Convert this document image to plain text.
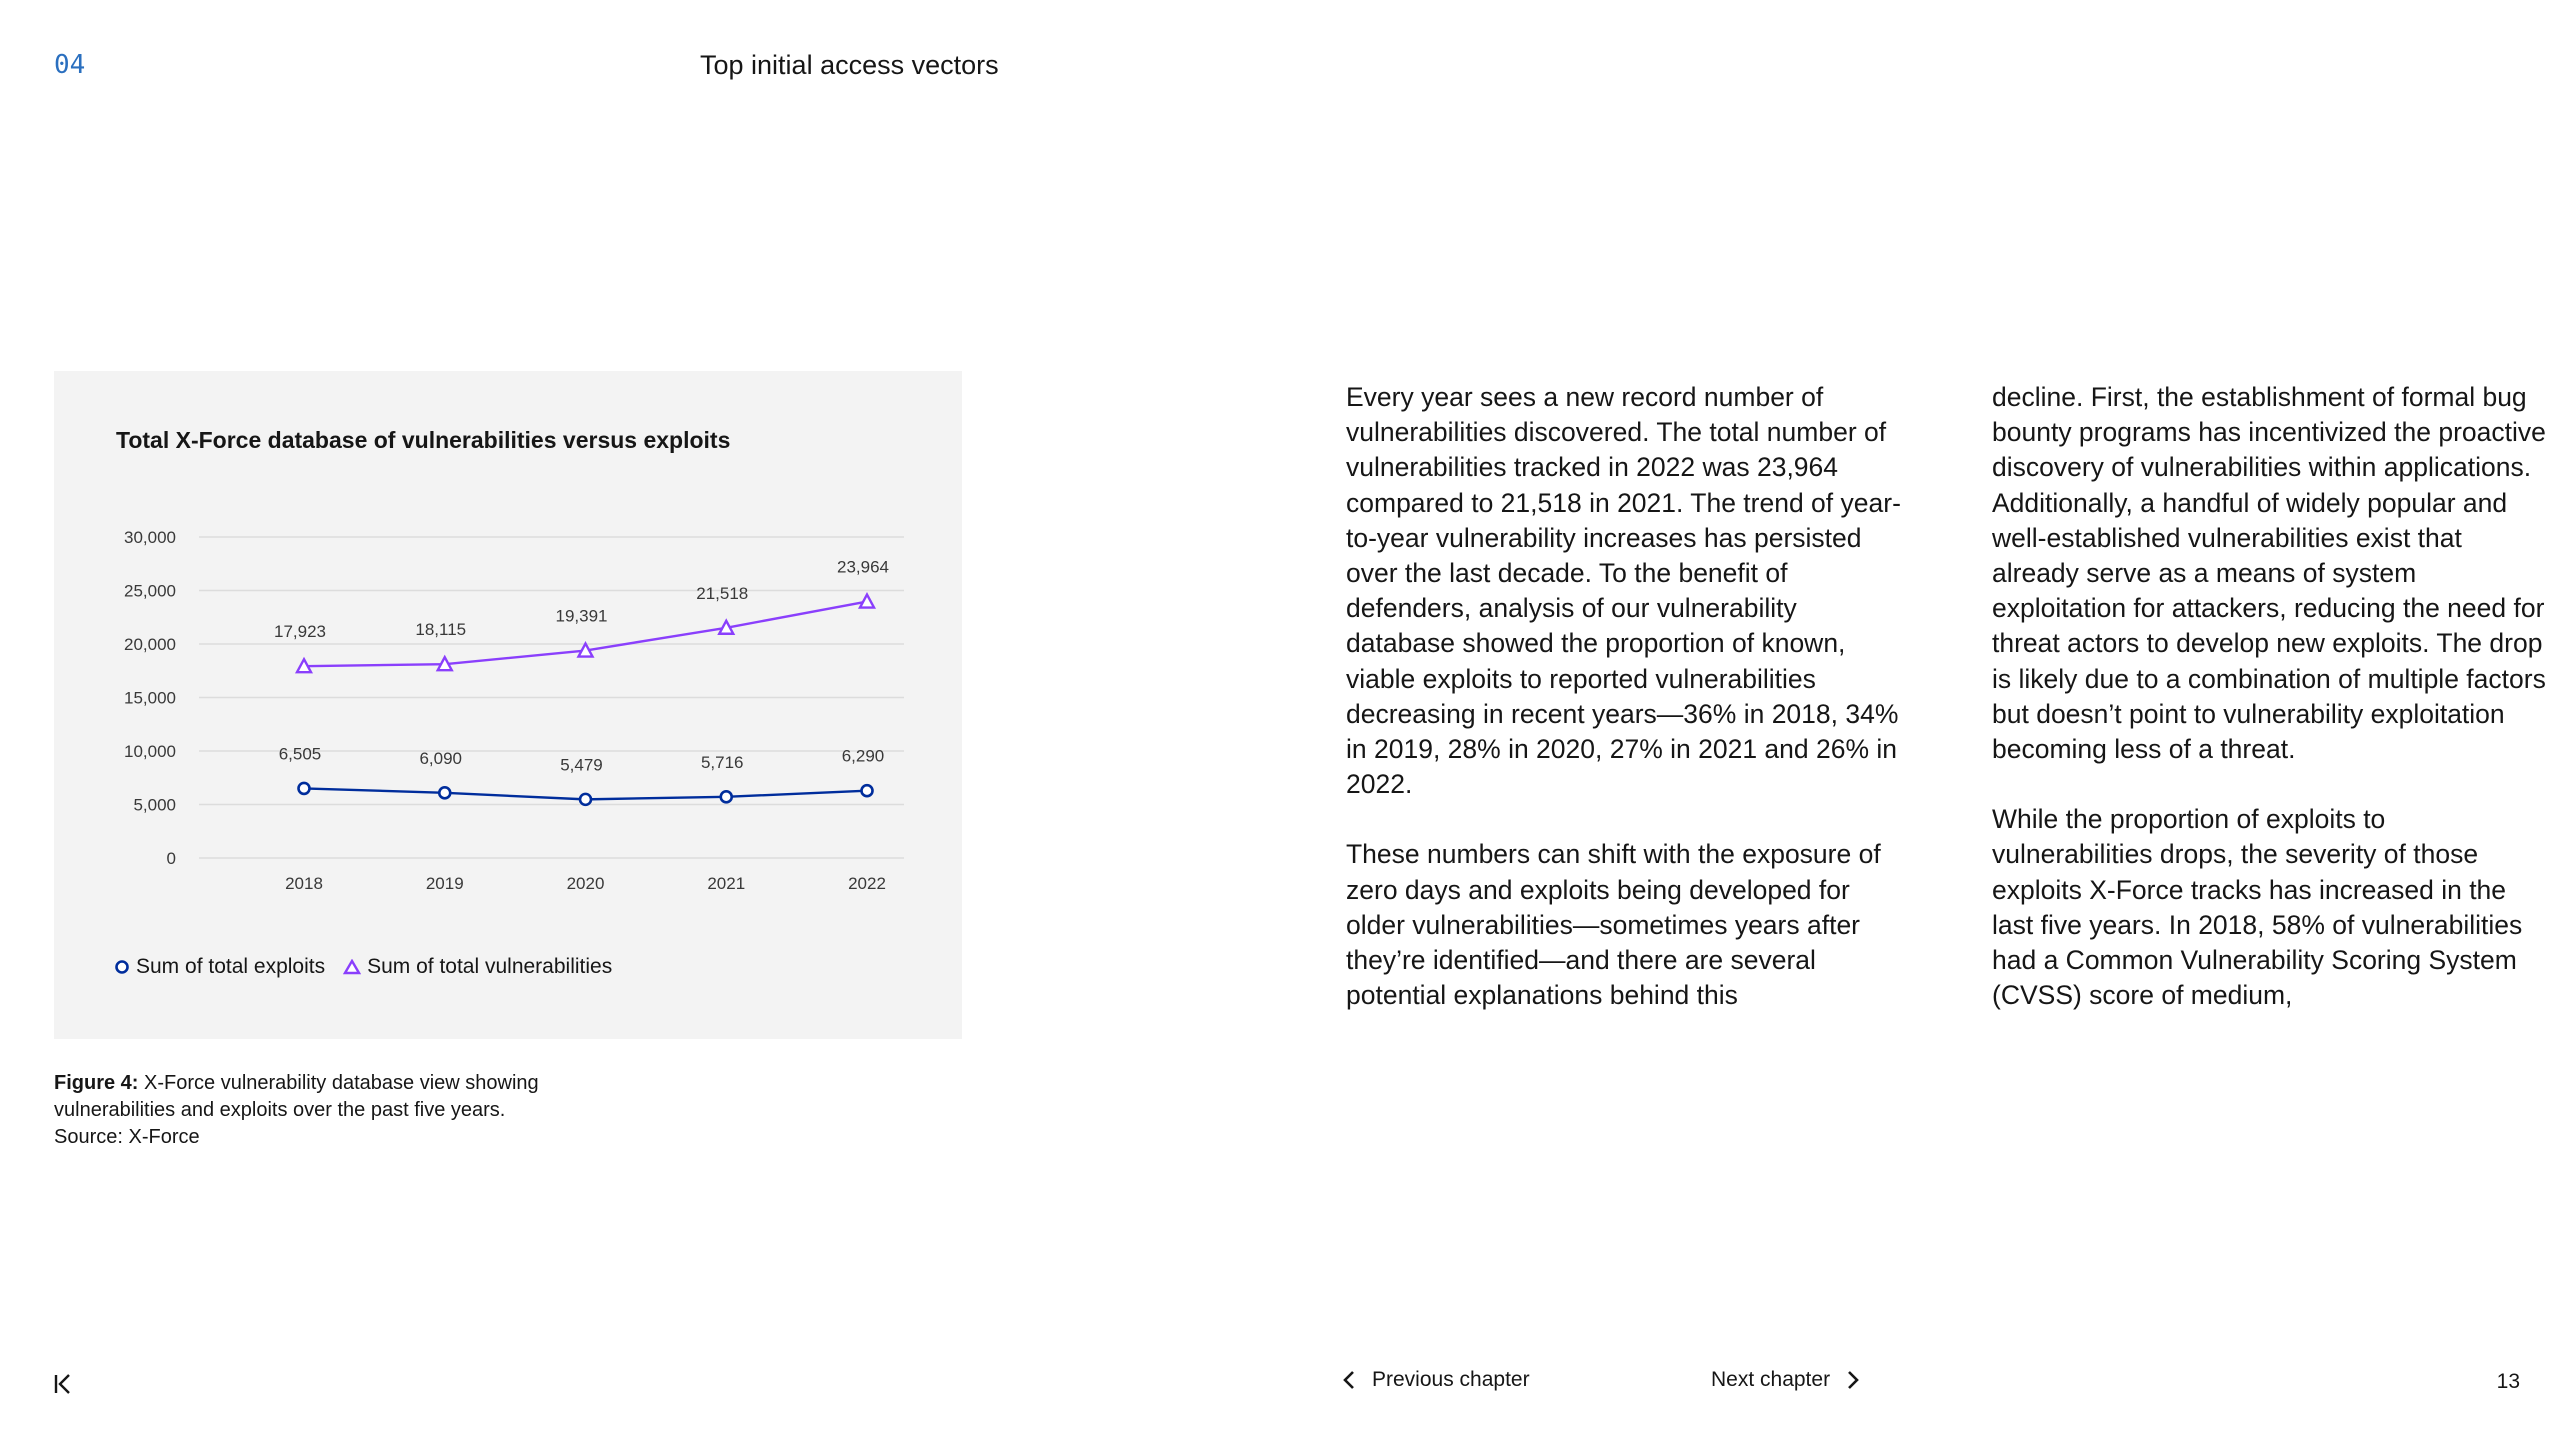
04	Top initial access vectors
Total X-Force database of vulnerabilities versus exploits
30,000
25,000
20,000
15,000
10,000
5,000
0
2018	2019	2020	2021	2022
17,923	18,115
19,391
21,518
23,964
6,505	6,090	5,479	5,716	6,290
Sum of total exploits Sum of total vulnerabilities
Figure 4: X-Force vulnerability database view showing vulnerabilities and exploits over the past five years.
Source: X-Force

Every year sees a new record number of vulnerabilities discovered. The total number of vulnerabilities tracked in 2022 was 23,964 compared to 21,518 in 2021. The trend of year-to-year vulnerability increases has persisted over the last decade. To the benefit of defenders, analysis of our vulnerability database showed the proportion of known, viable exploits to reported vulnerabilities decreasing in recent years—36% in 2018, 34% in 2019, 28% in 2020, 27% in 2021 and 26% in 2022.

These numbers can shift with the exposure of zero days and exploits being developed for older vulnerabilities—sometimes years after they’re identified—and there are several potential explanations behind this

decline. First, the establishment of formal bug bounty programs has incentivized the proactive discovery of vulnerabilities within applications. Additionally, a handful of widely popular and well-established vulnerabilities exist that already serve as a means of system exploitation for attackers, reducing the need for threat actors to develop new exploits. The drop is likely due to a combination of multiple factors but doesn’t point to vulnerability exploitation becoming less of a threat.

While the proportion of exploits to vulnerabilities drops, the severity of those exploits X-Force tracks has increased in the last five years. In 2018, 58% of vulnerabilities had a Common Vulnerability Scoring System (CVSS) score of medium,

Previous chapter	Next chapter	13
